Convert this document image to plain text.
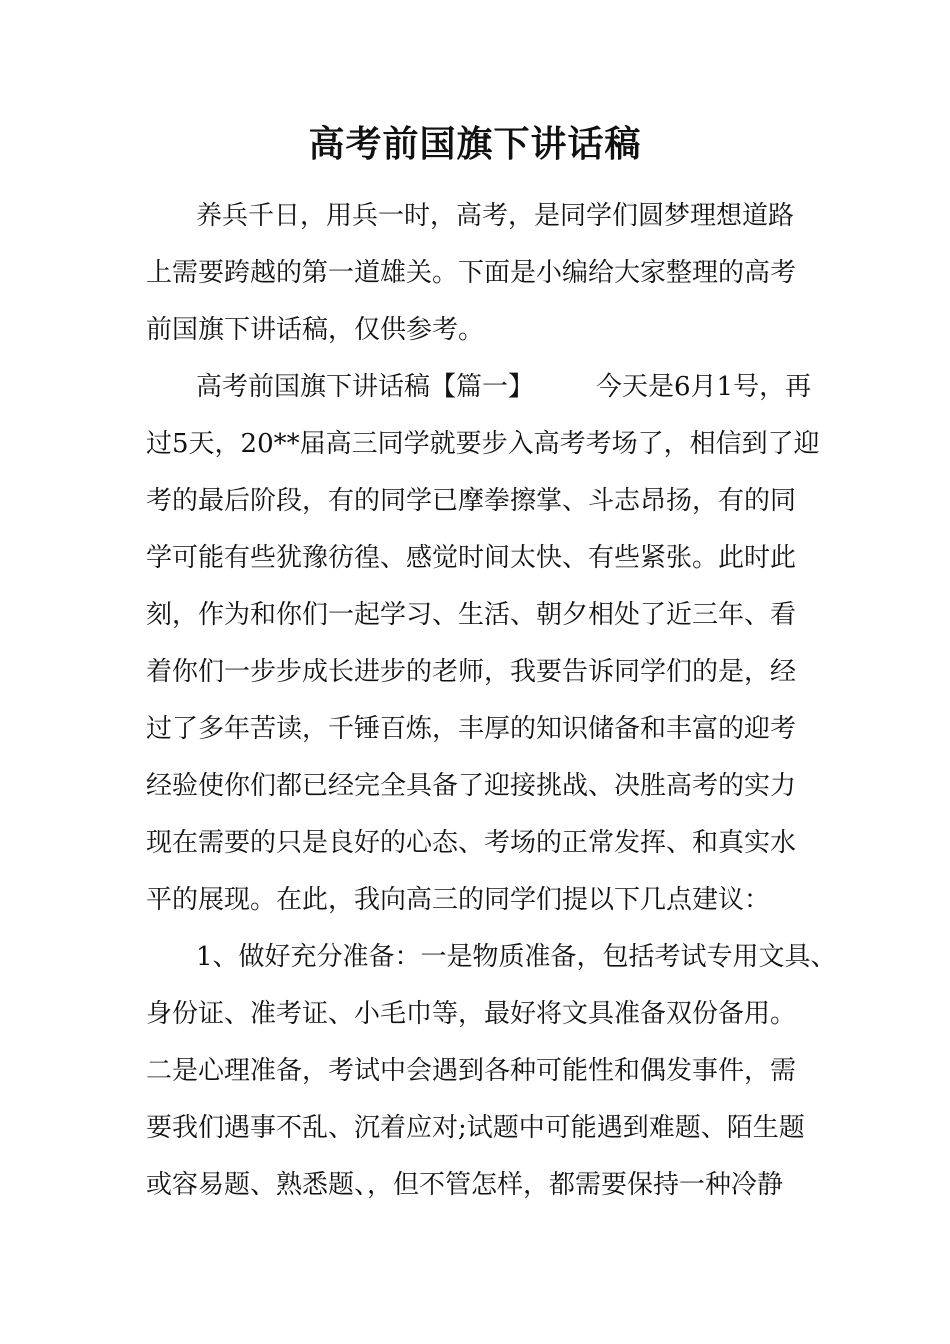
高考前国旗下讲话稿

养兵千日，用兵一时，高考，是同学们圆梦理想道路

上需要跨越的第一道雄关。下面是小编给大家整理的高考

前国旗下讲话稿，仅供参考。

高考前国旗下讲话稿【篇一】 今天是6月1号，再

过5天，20**届高三同学就要步入高考考场了，相信到了迎

考的最后阶段，有的同学已摩拳擦掌、斗志昂扬，有的同

学可能有些犹豫彷徨、感觉时间太快、有些紧张。此时此

刻，作为和你们一起学习、生活、朝夕相处了近三年、看

着你们一步步成长进步的老师，我要告诉同学们的是，经

过了多年苦读，千锤百炼，丰厚的知识储备和丰富的迎考

经验使你们都已经完全具备了迎接挑战、决胜高考的实力

现在需要的只是良好的心态、考场的正常发挥、和真实水

平的展现。在此，我向高三的同学们提以下几点建议：

1、做好充分准备：一是物质准备，包括考试专用文具、

身份证、准考证、小毛巾等，最好将文具准备双份备用。

二是心理准备，考试中会遇到各种可能性和偶发事件，需

要我们遇事不乱、沉着应对;试题中可能遇到难题、陌生题

或容易题、熟悉题、，但不管怎样，都需要保持一种冷静
